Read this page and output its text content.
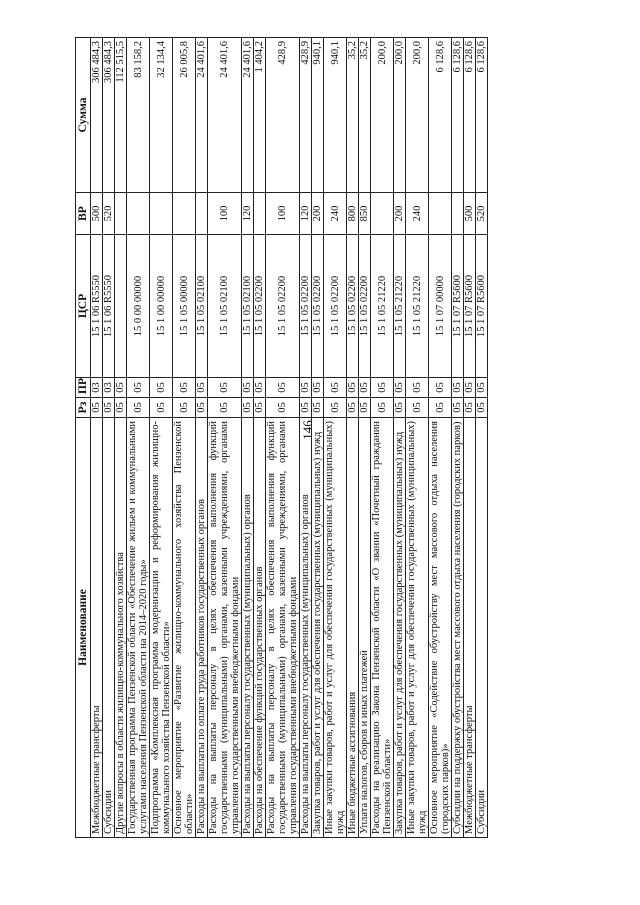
146
Наименование	Рз	ПР	ЦСР	ВР	Сумма
Межбюджетные трансферты	05	03	15 1 06 R5550	500	306 484,3
Субсидии	05	03	15 1 06 R5550	520	306 484,3
Другие вопросы в области жилищно-коммунального хозяйства	05	05			112 515,5
Государственная программа Пензенской области «Обеспечение жильем и коммунальными услугами населения Пензенской области на 2014–2020 годы»	05	05	15 0 00 00000		83 158,2
Подпрограмма «Комплексная программа модернизации и реформирования жилищно-коммунального хозяйства Пензенской области»	05	05	15 1 00 00000		32 134,4
Основное мероприятие «Развитие жилищно-коммунального хозяйства Пензенской области»	05	05	15 1 05 00000		26 005,8
Расходы на выплаты по оплате труда работников государственных органов	05	05	15 1 05 02100		24 401,6
Расходы на выплаты персоналу в целях обеспечения выполнения функций государственными (муниципальными) органами, казенными учреждениями, органами управления государственными внебюджетными фондами	05	05	15 1 05 02100	100	24 401,6
Расходы на выплаты персоналу государственных (муниципальных) органов	05	05	15 1 05 02100	120	24 401,6
Расходы на обеспечение функций государственных органов	05	05	15 1 05 02200		1 404,2
Расходы на выплаты персоналу в целях обеспечения выполнения функций государственными (муниципальными) органами, казенными учреждениями, органами управления государственными внебюджетными фондами	05	05	15 1 05 02200	100	428,9
Расходы на выплаты персоналу государственных (муниципальных) органов	05	05	15 1 05 02200	120	428,9
Закупка товаров, работ и услуг для обеспечения государственных (муниципальных) нужд	05	05	15 1 05 02200	200	940,1
Иные закупки товаров, работ и услуг для обеспечения государственных (муниципальных) нужд	05	05	15 1 05 02200	240	940,1
Иные бюджетные ассигнования	05	05	15 1 05 02200	800	35,2
Уплата налогов, сборов и иных платежей	05	05	15 1 05 02200	850	35,2
Расходы на реализацию Закона Пензенской области «О звании «Почетный гражданин Пензенской области»	05	05	15 1 05 21220		200,0
Закупка товаров, работ и услуг для обеспечения государственных (муниципальных) нужд	05	05	15 1 05 21220	200	200,0
Иные закупки товаров, работ и услуг для обеспечения государственных (муниципальных) нужд	05	05	15 1 05 21220	240	200,0
Основное мероприятие «Содействие обустройству мест массового отдыха населения (городских парков)»	05	05	15 1 07 00000		6 128,6
Субсидии на поддержку обустройства мест массового отдыха населения (городских парков)	05	05	15 1 07 R5600		6 128,6
Межбюджетные трансферты	05	05	15 1 07 R5600	500	6 128,6
Субсидии	05	05	15 1 07 R5600	520	6 128,6
